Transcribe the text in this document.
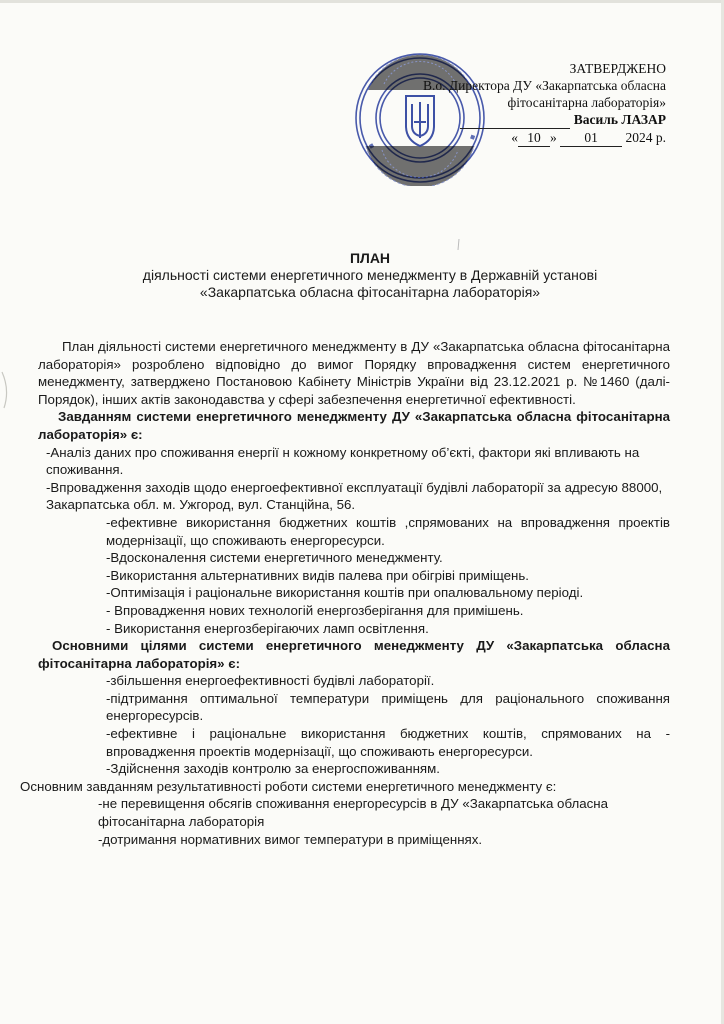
ЗАТВЕРДЖЕНО
В.о. Директора ДУ «Закарпатська обласна
фітосанітарна лабораторія»
Василь ЛАЗАР
« 10 » 01 2024 р.
ПЛАН
діяльності системи енергетичного менеджменту в Державній установі
«Закарпатська обласна фітосанітарна лабораторія»

План діяльності системи енергетичного менеджменту в ДУ «Закарпатська обласна фітосанітарна лабораторія» розроблено відповідно до вимог Порядку впровадження систем енергетичного менеджменту, затверджено Постановою Кабінету Міністрів України від 23.12.2021 р. №1460 (далі-Порядок), інших актів законодавства у сфері забезпечення енергетичної ефективності.

Завданням системи енергетичного менеджменту ДУ «Закарпатська обласна фітосанітарна лабораторія» є:

-Аналіз даних про споживання енергії н кожному конкретному об’єкті, фактори які впливають на споживання.

-Впровадження заходів щодо енергоефективної експлуатації будівлі лабораторії за адресую 88000, Закарпатська обл. м. Ужгород, вул. Станційна, 56.

-ефективне використання бюджетних коштів ,спрямованих на впровадження проектів модернізації, що споживають енергоресурси.

-Вдосконалення системи енергетичного менеджменту.

-Використання альтернативних видів палева при обігріві приміщень.

-Оптимізація і раціональне використання коштів при опалювальному періоді.

- Впровадження нових технологій енергозберігання для примішень.

- Використання енергозберігаючих ламп освітлення.

Основними цілями системи енергетичного менеджменту ДУ «Закарпатська обласна фітосанітарна лабораторія» є:

-збільшення енергоефективності будівлі лабораторії.

-підтримання оптимальної температури приміщень для раціонального споживання енергоресурсів.

-ефективне і раціональне використання бюджетних коштів, спрямованих на - впровадження проектів модернізації, що споживають енергоресурси.

-Здійснення заходів контролю за енергоспоживанням.

Основним завданням результативності роботи системи енергетичного менеджменту є:

-не перевищення обсягів споживання енергоресурсів в ДУ «Закарпатська обласна фітосанітарна лабораторія

-дотримання нормативних вимог температури в приміщеннях.
